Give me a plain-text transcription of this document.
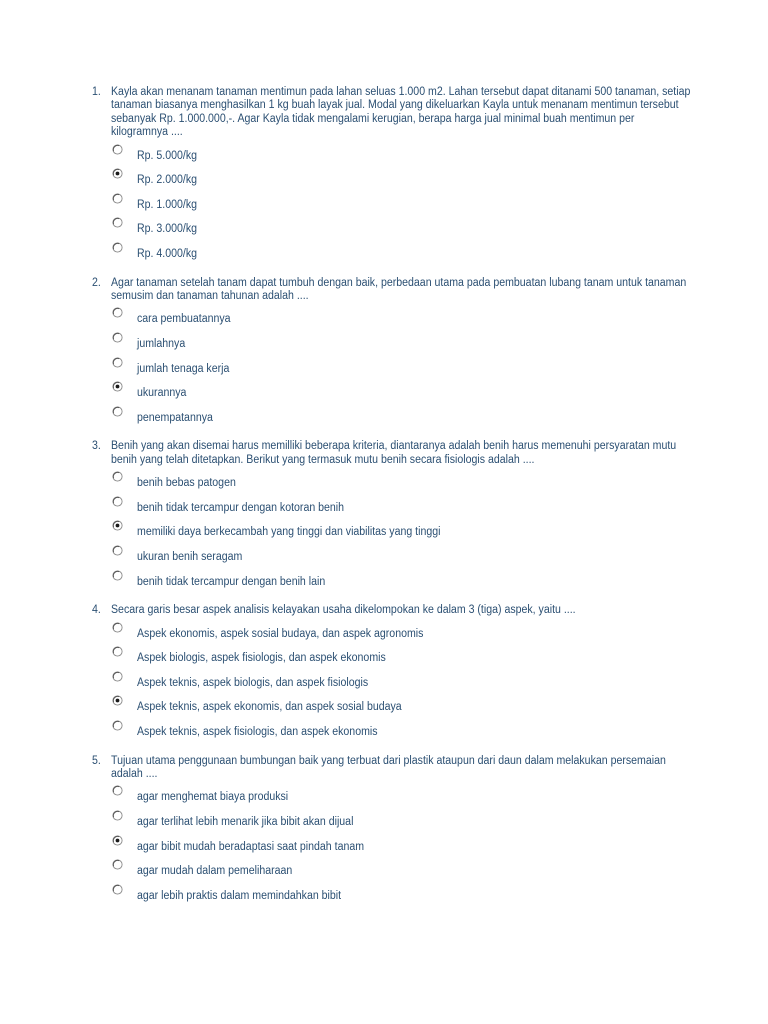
1. Kayla akan menanam tanaman mentimun pada lahan seluas 1.000 m2. Lahan tersebut dapat ditanami 500 tanaman, setiap tanaman biasanya menghasilkan 1 kg buah layak jual. Modal yang dikeluarkan Kayla untuk menanam mentimun tersebut sebanyak Rp. 1.000.000,-. Agar Kayla tidak mengalami kerugian, berapa harga jual minimal buah mentimun per kilogramnya ....
Rp. 5.000/kg
Rp. 2.000/kg
Rp. 1.000/kg
Rp. 3.000/kg
Rp. 4.000/kg
2. Agar tanaman setelah tanam dapat tumbuh dengan baik, perbedaan utama pada pembuatan lubang tanam untuk tanaman semusim dan tanaman tahunan adalah ....
cara pembuatannya
jumlahnya
jumlah tenaga kerja
ukurannya
penempatannya
3. Benih yang akan disemai harus memilliki beberapa kriteria, diantaranya adalah benih harus memenuhi persyaratan mutu benih yang telah ditetapkan. Berikut yang termasuk mutu benih secara fisiologis adalah ....
benih bebas patogen
benih tidak tercampur dengan kotoran benih
memiliki daya berkecambah yang tinggi dan viabilitas yang tinggi
ukuran benih seragam
benih tidak tercampur dengan benih lain
4. Secara garis besar aspek analisis kelayakan usaha dikelompokan ke dalam 3 (tiga) aspek, yaitu ....
Aspek ekonomis, aspek sosial budaya, dan aspek agronomis
Aspek biologis, aspek fisiologis, dan aspek ekonomis
Aspek teknis, aspek biologis, dan aspek fisiologis
Aspek teknis, aspek ekonomis, dan aspek sosial budaya
Aspek teknis, aspek fisiologis, dan aspek ekonomis
5. Tujuan utama penggunaan bumbungan baik yang terbuat dari plastik ataupun dari daun dalam melakukan persemaian adalah ....
agar menghemat biaya produksi
agar terlihat lebih menarik jika bibit akan dijual
agar bibit mudah beradaptasi saat pindah tanam
agar mudah dalam pemeliharaan
agar lebih praktis dalam memindahkan bibit
